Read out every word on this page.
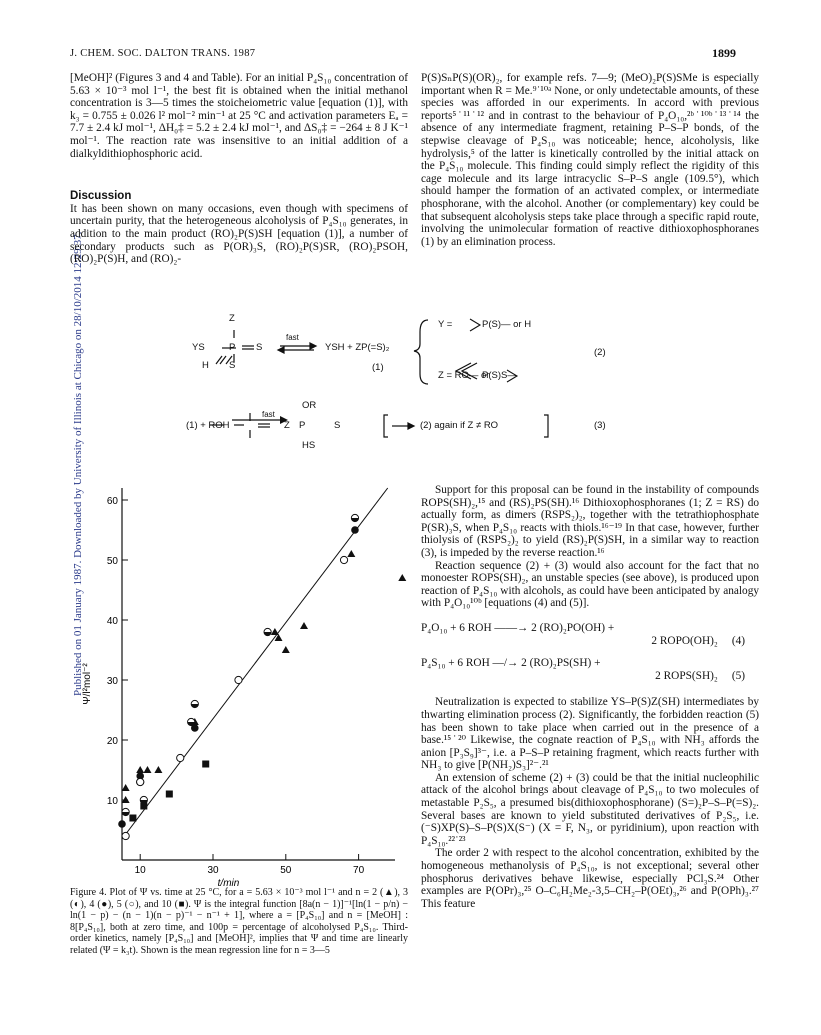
Published on 01 January 1987. Downloaded by University of Illinois at Chicago on 28/10/2014 12:29:37.
J. CHEM. SOC. DALTON TRANS. 1987	1899

[MeOH]² (Figures 3 and 4 and Table). For an initial P₄S₁₀ concentration of 5.63 × 10⁻³ mol l⁻¹, the best fit is obtained when the initial methanol concentration is 3—5 times the stoicheiometric value [equation (1)], with k₃ = 0.755 ± 0.026 l² mol⁻² min⁻¹ at 25 °C and activation parameters Eₐ = 7.7 ± 2.4 kJ mol⁻¹, ΔH₀‡ = 5.2 ± 2.4 kJ mol⁻¹, and ΔS₀‡ = −264 ± 8 J K⁻¹ mol⁻¹. The reaction rate was insensitive to an initial addition of a dialkyldithiophosphoric acid.

Discussion

It has been shown on many occasions, even though with specimens of uncertain purity, that the heterogeneous alcoholysis of P₄S₁₀ generates, in addition to the main product (RO)₂P(S)SH [equation (1)], a number of secondary products such as P(OR)₃S, (RO)₂P(S)SR, (RO)₂PSOH, (RO)₂P(S)H, and (RO)₂-

P(S)SₙP(S)(OR)₂, for example refs. 7—9; (MeO)₂P(S)SMe is especially important when R = Me.⁹˙¹⁰ᵃ None, or only undetectable amounts, of these species was afforded in our experiments. In accord with previous reports⁵˙¹¹˙¹² and in contrast to the behaviour of P₄O₁₀,²ᵇ˙¹⁰ᵇ˙¹³˙¹⁴ the absence of any intermediate fragment, retaining P–S–P bonds, of the stepwise cleavage of P₄S₁₀ was noticeable; hence, alcoholysis, like hydrolysis,⁵ of the latter is kinetically controlled by the initial attack on the P₄S₁₀ molecule. This finding could simply reflect the rigidity of this cage molecule and its large intracyclic S–P–S angle (109.5°), which should hamper the formation of an activated complex, or intermediate phosphorane, with the alcohol. Another (or complementary) key could be that subsequent alcoholysis steps take place through a specific rapid route, involving the unimolecular formation of reactive dithioxophosphoranes (1) by an elimination process.

Z
YS	P S
H S
fast
YSH + ZP(=S)₂
(1)
Y =	P(S)— or H
Z = RO— or
P(S)S—
(2)
(1) + ROH
fast
OR
Z P	S
HS
(2) again if Z ≠ RO	(3)
10
20
30
40
50
60
10	30	50	70
t/min
Ψ/l²mol⁻²
Figure 4. Plot of Ψ vs. time at 25 °C, for a = 5.63 × 10⁻³ mol l⁻¹ and n = 2 (▲), 3 (◐), 4 (●), 5 (○), and 10 (■). Ψ is the integral function [8a(n − 1)]⁻¹[ln(1 − p/n) − ln(1 − p) − (n − 1)(n − p)⁻¹ − n⁻¹ + 1], where a = [P₄S₁₀] and n = [MeOH] : 8[P₄S₁₀], both at zero time, and 100p = percentage of alcoholysed P₄S₁₀. Third-order kinetics, namely [P₄S₁₀] and [MeOH]², implies that Ψ and time are linearly related (Ψ = k₃t). Shown is the mean regression line for n = 3—5

Support for this proposal can be found in the instability of compounds ROPS(SH)₂,¹⁵ and (RS)₂PS(SH).¹⁶ Dithioxophosphoranes (1; Z = RS) do actually form, as dimers (RSPS₂)₂, together with the tetrathiophosphate P(SR)₃S, when P₄S₁₀ reacts with thiols.¹⁶⁻¹⁹ In that case, however, further thiolysis of (RSPS₂)₂ to yield (RS)₂P(S)SH, in a similar way to reaction (3), is impeded by the reverse reaction.¹⁶

Reaction sequence (2) + (3) would also account for the fact that no monoester ROPS(SH)₂, an unstable species (see above), is produced upon reaction of P₄S₁₀ with alcohols, as could have been anticipated by analogy with P₄O₁₀¹⁰ᵇ [equations (4) and (5)].

P₄O₁₀ + 6 ROH ——→ 2 (RO)₂PO(OH) +
2 ROPO(OH)₂ (4)
P₄S₁₀ + 6 ROH —/→ 2 (RO)₂PS(SH) +
2 ROPS(SH)₂ (5)

Neutralization is expected to stabilize YS–P(S)Z(SH) intermediates by thwarting elimination process (2). Significantly, the forbidden reaction (5) has been shown to take place when carried out in the presence of a base.¹⁵˙²⁰ Likewise, the cognate reaction of P₄S₁₀ with NH₃ affords the anion [P₃S₉]³⁻, i.e. a P–S–P retaining fragment, which reacts further with NH₃ to give [P(NH₂)S₃]²⁻.²¹

An extension of scheme (2) + (3) could be that the initial nucleophilic attack of the alcohol brings about cleavage of P₄S₁₀ to two molecules of metastable P₂S₅, a presumed bis(dithioxophosphorane) (S=)₂P–S–P(=S)₂. Several bases are known to yield substituted derivatives of P₂S₅, i.e. (⁻S)XP(S)–S–P(S)X(S⁻) (X = F, N₃, or pyridinium), upon reaction with P₄S₁₀.²²˙²³

The order 2 with respect to the alcohol concentration, exhibited by the homogeneous methanolysis of P₄S₁₀, is not exceptional; several other phosphorus derivatives behave likewise, especially PCl₃S.²⁴ Other examples are P(OPr)₃,²⁵ O–C₆H₂Me₂-3,5–CH₂–P(OEt)₃,²⁶ and P(OPh)₃.²⁷ This feature
